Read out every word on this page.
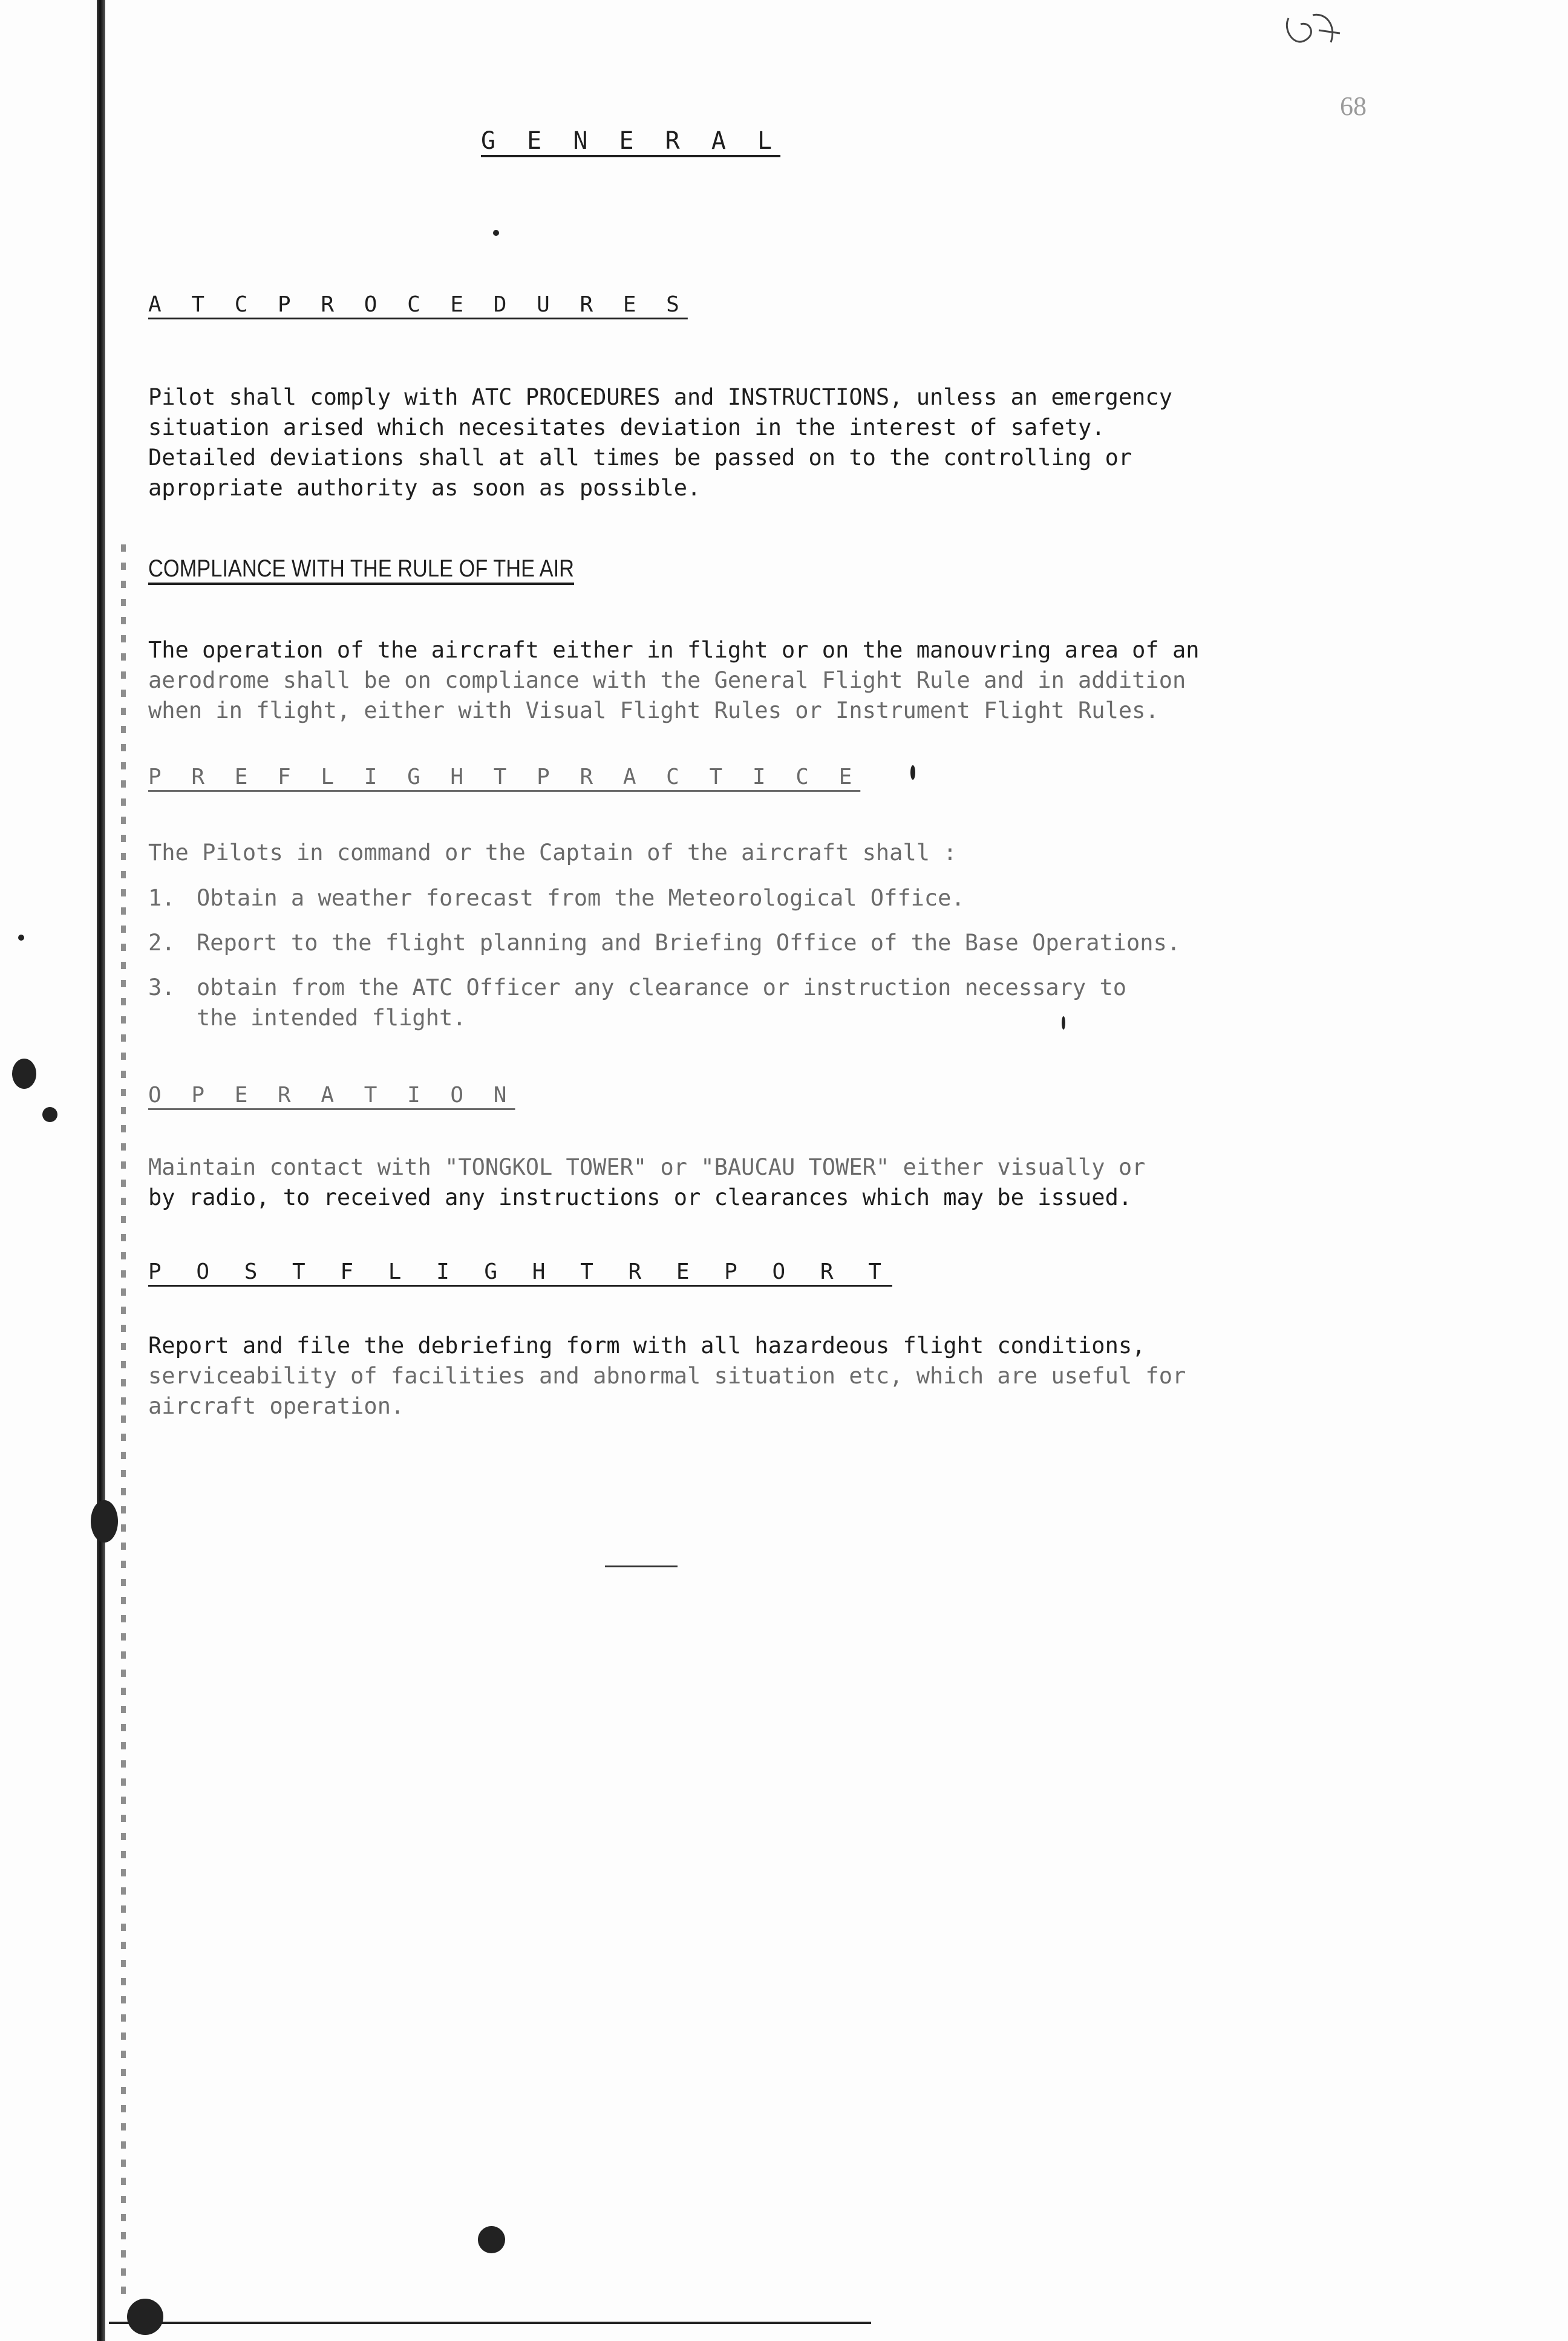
68
G E N E R A L
A T C P R O C E D U R E S
Pilot shall comply with ATC PROCEDURES and INSTRUCTIONS, unless an emergency
situation arised which necesitates deviation in the interest of safety.
Detailed deviations shall at all times be passed on to the controlling or
apropriate authority as soon as possible.
COMPLIANCE WITH THE RULE OF THE AIR
The operation of the aircraft either in flight or on the manouvring area of an
aerodrome shall be on compliance with the General Flight Rule and in addition
when in flight, either with Visual Flight Rules or Instrument Flight Rules.
P R E F L I G H T P R A C T I C E
The Pilots in command or the Captain of the aircraft shall :
1. Obtain a weather forecast from the Meteorological Office.
2. Report to the flight planning and Briefing Office of the Base Operations.
3. obtain from the ATC Officer any clearance or instruction necessary to
the intended flight.
O P E R A T I O N
Maintain contact with "TONGKOL TOWER" or "BAUCAU TOWER" either visually or
by radio, to received any instructions or clearances which may be issued.
P O S T F L I G H T R E P O R T
Report and file the debriefing form with all hazardeous flight conditions,
serviceability of facilities and abnormal situation etc, which are useful for
aircraft operation.
